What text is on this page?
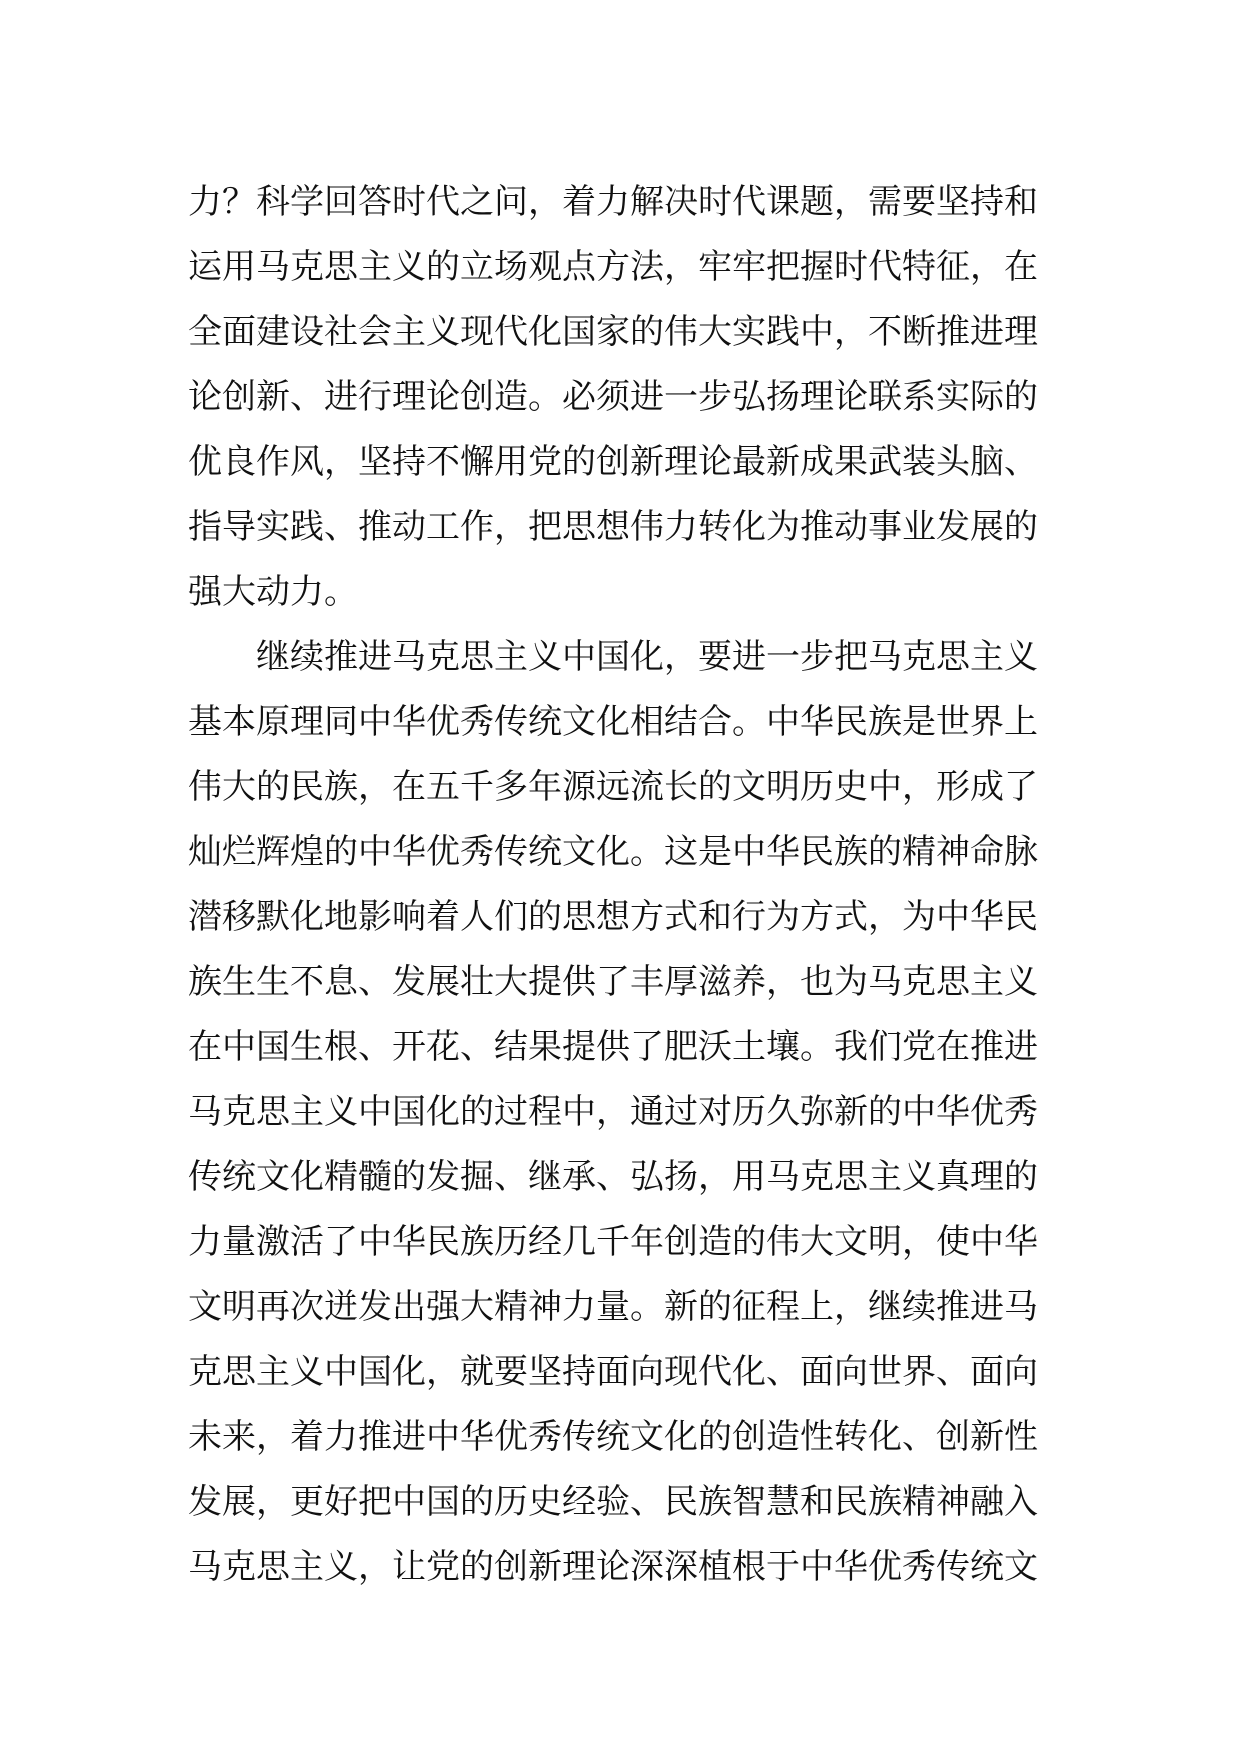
力？科学回答时代之问，着力解决时代课题，需要坚持和
运用马克思主义的立场观点方法，牢牢把握时代特征，在
全面建设社会主义现代化国家的伟大实践中，不断推进理
论创新、进行理论创造。必须进一步弘扬理论联系实际的
优良作风，坚持不懈用党的创新理论最新成果武装头脑、
指导实践、推动工作，把思想伟力转化为推动事业发展的
强大动力。
继续推进马克思主义中国化，要进一步把马克思主义
基本原理同中华优秀传统文化相结合。中华民族是世界上
伟大的民族，在五千多年源远流长的文明历史中，形成了
灿烂辉煌的中华优秀传统文化。这是中华民族的精神命脉
潜移默化地影响着人们的思想方式和行为方式，为中华民
族生生不息、发展壮大提供了丰厚滋养，也为马克思主义
在中国生根、开花、结果提供了肥沃土壤。我们党在推进
马克思主义中国化的过程中，通过对历久弥新的中华优秀
传统文化精髓的发掘、继承、弘扬，用马克思主义真理的
力量激活了中华民族历经几千年创造的伟大文明，使中华
文明再次迸发出强大精神力量。新的征程上，继续推进马
克思主义中国化，就要坚持面向现代化、面向世界、面向
未来，着力推进中华优秀传统文化的创造性转化、创新性
发展，更好把中国的历史经验、民族智慧和民族精神融入
马克思主义，让党的创新理论深深植根于中华优秀传统文
